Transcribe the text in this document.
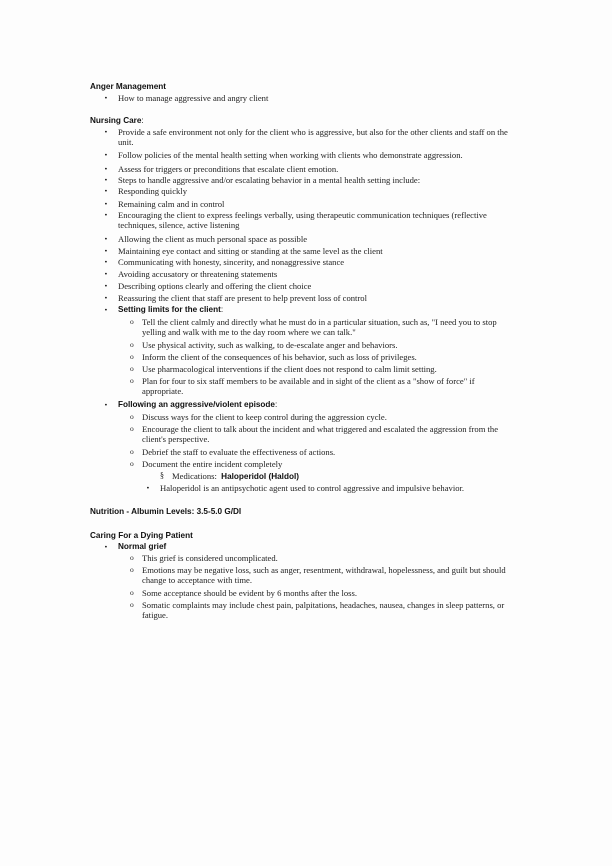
Anger Management
•	How to manage aggressive and angry client
Nursing Care:
•	Provide a safe environment not only for the client who is aggressive, but also for the other clients and staff on the unit.
•	Follow policies of the mental health setting when working with clients who demonstrate aggression.
•	Assess for triggers or preconditions that escalate client emotion.
•	Steps to handle aggressive and/or escalating behavior in a mental health setting include:
•	Responding quickly
•	Remaining calm and in control
•	Encouraging the client to express feelings verbally, using therapeutic communication techniques (reflective techniques, silence, active listening
•	Allowing the client as much personal space as possible
•	Maintaining eye contact and sitting or standing at the same level as the client
•	Communicating with honesty, sincerity, and nonaggressive stance
•	Avoiding accusatory or threatening statements
•	Describing options clearly and offering the client choice
•	Reassuring the client that staff are present to help prevent loss of control
•	Setting limits for the client:
o Tell the client calmly and directly what he must do in a particular situation, such as, "I need you to stop yelling and walk with me to the day room where we can talk."
o Use physical activity, such as walking, to de-escalate anger and behaviors.
o Inform the client of the consequences of his behavior, such as loss of privileges.
o Use pharmacological interventions if the client does not respond to calm limit setting.
o Plan for four to six staff members to be available and in sight of the client as a "show of force" if appropriate.
•	Following an aggressive/violent episode:
o Discuss ways for the client to keep control during the aggression cycle.
o Encourage the client to talk about the incident and what triggered and escalated the aggression from the client's perspective.
o Debrief the staff to evaluate the effectiveness of actions.
o Document the entire incident completely
§ Medications: Haloperidol (Haldol)
•	Haloperidol is an antipsychotic agent used to control aggressive and impulsive behavior.
Nutrition - Albumin Levels: 3.5-5.0 G/Dl
Caring For a Dying Patient
•	Normal grief
o This grief is considered uncomplicated.
o Emotions may be negative loss, such as anger, resentment, withdrawal, hopelessness, and guilt but should change to acceptance with time.
o Some acceptance should be evident by 6 months after the loss.
o Somatic complaints may include chest pain, palpitations, headaches, nausea, changes in sleep patterns, or fatigue.
